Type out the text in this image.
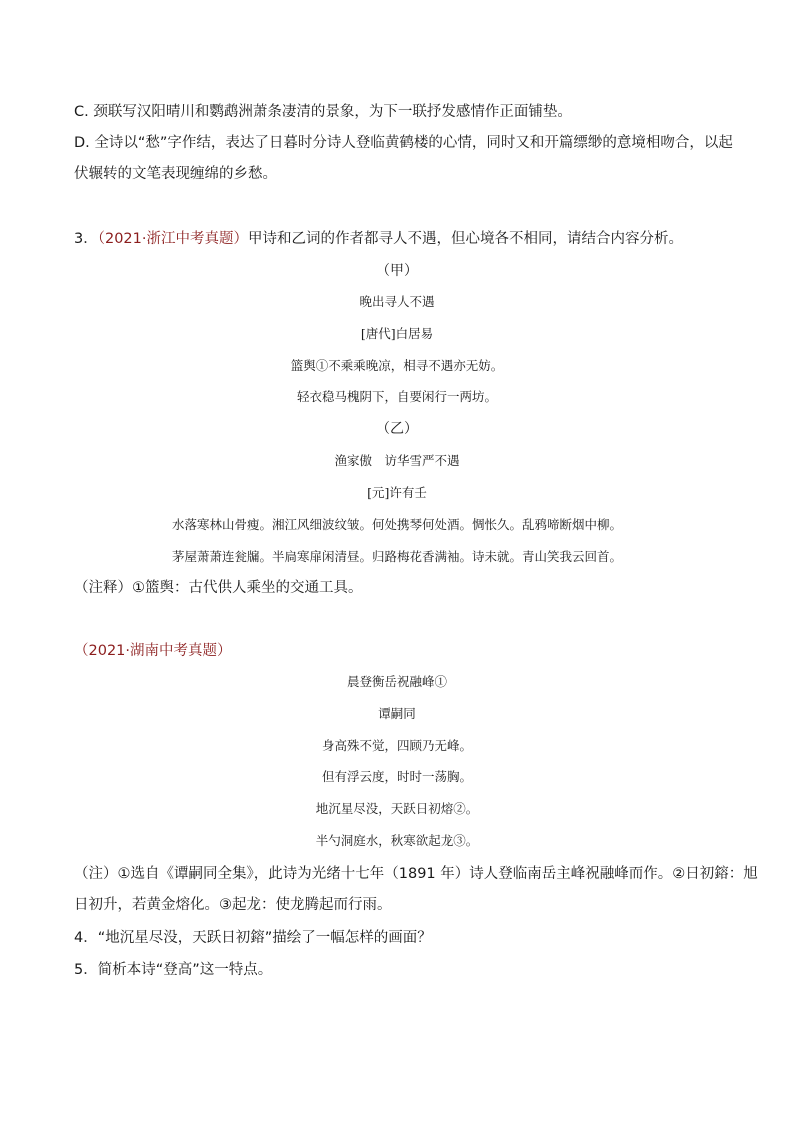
C. 颈联写汉阳晴川和鹦鹉洲萧条凄清的景象，为下一联抒发感情作正面铺垫。
D. 全诗以“愁”字作结，表达了日暮时分诗人登临黄鹤楼的心情，同时又和开篇缥缈的意境相吻合，以起
伏辗转的文笔表现缠绵的乡愁。
3．（2021·浙江中考真题）甲诗和乙词的作者都寻人不遇，但心境各不相同，请结合内容分析。
（甲）
晚出寻人不遇
[唐代]白居易
篮舆①不乘乘晚凉，相寻不遇亦无妨。
轻衣稳马槐阴下，自要闲行一两坊。
（乙）
渔家傲　访华雪严不遇
[元]许有壬
水落寒林山骨瘦。湘江风细波纹皱。何处携琴何处酒。惆怅久。乱鸦啼断烟中柳。
茅屋萧萧连瓮牖。半扃寒扉闲清昼。归路梅花香满袖。诗未就。青山笑我云回首。
（注释）①篮舆：古代供人乘坐的交通工具。
（2021·湖南中考真题）
晨登衡岳祝融峰①
谭嗣同
身高殊不觉，四顾乃无峰。
但有浮云度，时时一荡胸。
地沉星尽没，天跃日初熔②。
半勺洞庭水，秋寒欲起龙③。
（注）①选自《谭嗣同全集》，此诗为光绪十七年（1891 年）诗人登临南岳主峰祝融峰而作。②日初鎔：旭
日初升，若黄金熔化。③起龙：使龙腾起而行雨。
4．“地沉星尽没，天跃日初鎔”描绘了一幅怎样的画面？
5．简析本诗“登高”这一特点。
